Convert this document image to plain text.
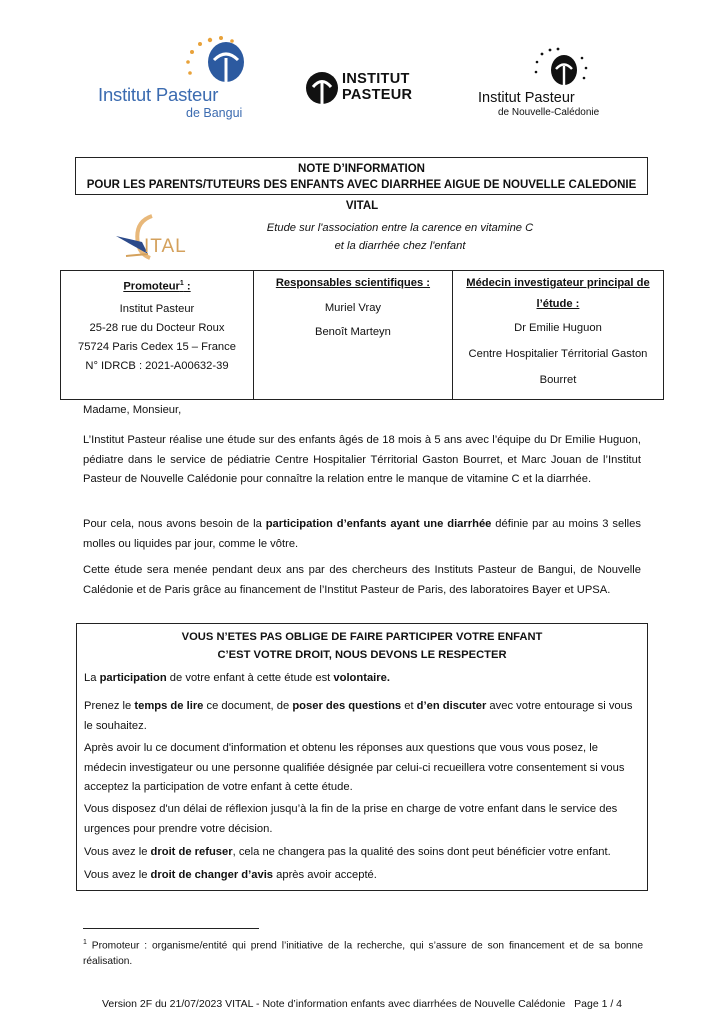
Institut Pasteur
de Bangui
INSTITUT
PASTEUR	Institut Pasteur
de Nouvelle-Calédonie
NOTE D’INFORMATION
POUR LES PARENTS/TUTEURS DES ENFANTS AVEC DIARRHEE AIGUE DE NOUVELLE CALEDONIE
VITAL
ITAL
Etude sur l'association entre la carence en vitamine C
et la diarrhée chez l'enfant
Promoteur$^1$ :
Institut Pasteur
25-28 rue du Docteur Roux
75724 Paris Cedex 15 – France
N° IDRCB : 2021-A00632-39

Responsables scientifiques :
Muriel Vray
Benoît Marteyn

Médecin investigateur principal de l’étude :
Dr Emilie Huguon
Centre Hospitalier Térritorial Gaston Bourret
Madame, Monsieur,
L’Institut Pasteur réalise une étude sur des enfants âgés de 18 mois à 5 ans avec l’équipe du Dr Emilie Huguon, pédiatre dans le service de pédiatrie Centre Hospitalier Térritorial Gaston Bourret, et Marc Jouan de l’Institut Pasteur de Nouvelle Calédonie pour connaître la relation entre le manque de vitamine C et la diarrhée.
Pour cela, nous avons besoin de la participation d’enfants ayant une diarrhée définie par au moins 3 selles molles ou liquides par jour, comme le vôtre.
Cette étude sera menée pendant deux ans par des chercheurs des Instituts Pasteur de Bangui, de Nouvelle Calédonie et de Paris grâce au financement de l’Institut Pasteur de Paris, des laboratoires Bayer et UPSA.
VOUS N’ETES PAS OBLIGE DE FAIRE PARTICIPER VOTRE ENFANT
C’EST VOTRE DROIT, NOUS DEVONS LE RESPECTER

La participation de votre enfant à cette étude est volontaire.

Prenez le temps de lire ce document, de poser des questions et d’en discuter avec votre entourage si vous le souhaitez.

Après avoir lu ce document d'information et obtenu les réponses aux questions que vous vous posez, le médecin investigateur ou une personne qualifiée désignée par celui-ci recueillera votre consentement si vous acceptez la participation de votre enfant à cette étude.

Vous disposez d'un délai de réflexion jusqu’à la fin de la prise en charge de votre enfant dans le service des urgences pour prendre votre décision.

Vous avez le droit de refuser, cela ne changera pas la qualité des soins dont peut bénéficier votre enfant.

Vous avez le droit de changer d’avis après avoir accepté.

$^1$ Promoteur : organisme/entité qui prend l’initiative de la recherche, qui s’assure de son financement et de sa bonne réalisation.
Version 2F du 21/07/2023 VITAL - Note d’information enfants avec diarrhées de Nouvelle Calédonie   Page 1 / 4
